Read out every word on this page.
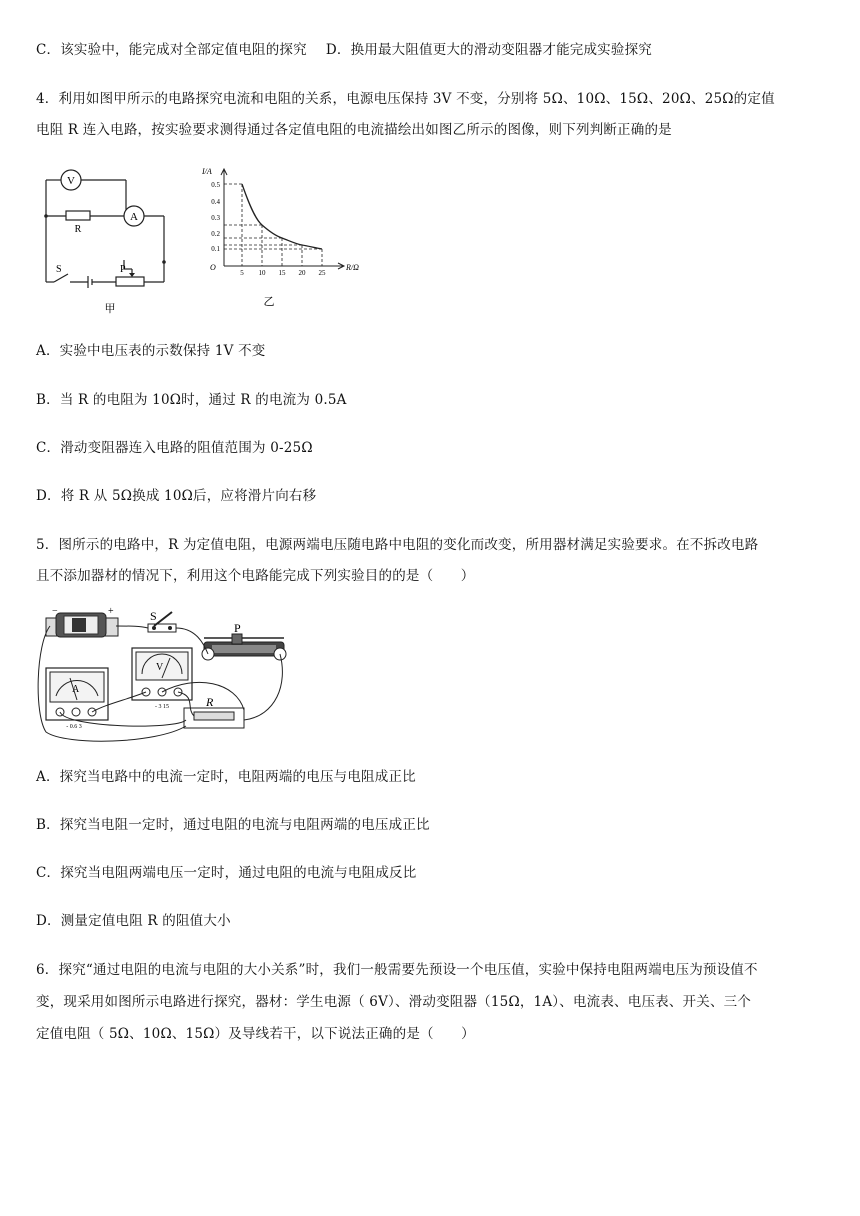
C．该实验中，能完成对全部定值电阻的探究 D．换用最大阻值更大的滑动变阻器才能完成实验探究
4．利用如图甲所示的电路探究电流和电阻的关系，电源电压保持 3V 不变，分别将 5Ω、10Ω、15Ω、20Ω、25Ω的定值
电阻 R 连入电路，按实验要求测得通过各定值电阻的电流描绘出如图乙所示的图像，则下列判断正确的是
V
A
R
S	P
甲
I/A
R/Ω
O
0.5
0.4
0.3
0.2
0.1
5 10 15 20 25
乙
A．实验中电压表的示数保持 1V 不变
B．当 R 的电阻为 10Ω时，通过 R 的电流为 0.5A
C．滑动变阻器连入电路的阻值范围为 0-25Ω
D．将 R 从 5Ω换成 10Ω后，应将滑片向右移
5．图所示的电路中，R 为定值电阻，电源两端电压随电路中电阻的变化而改变，所用器材满足实验要求。在不拆改电路
且不添加器材的情况下，利用这个电路能完成下列实验目的的是（　　）
−	+	S
P
A
- 0.6 3
V
- 3 15	R
A．探究当电路中的电流一定时，电阻两端的电压与电阻成正比
B．探究当电阻一定时，通过电阻的电流与电阻两端的电压成正比
C．探究当电阻两端电压一定时，通过电阻的电流与电阻成反比
D．测量定值电阻 R 的阻值大小
6．探究“通过电阻的电流与电阻的大小关系”时，我们一般需要先预设一个电压值，实验中保持电阻两端电压为预设值不
变，现采用如图所示电路进行探究，器材：学生电源（ 6V）、滑动变阻器（15Ω，1A）、电流表、电压表、开关、三个
定值电阻（ 5Ω、10Ω、15Ω）及导线若干，以下说法正确的是（　　）
